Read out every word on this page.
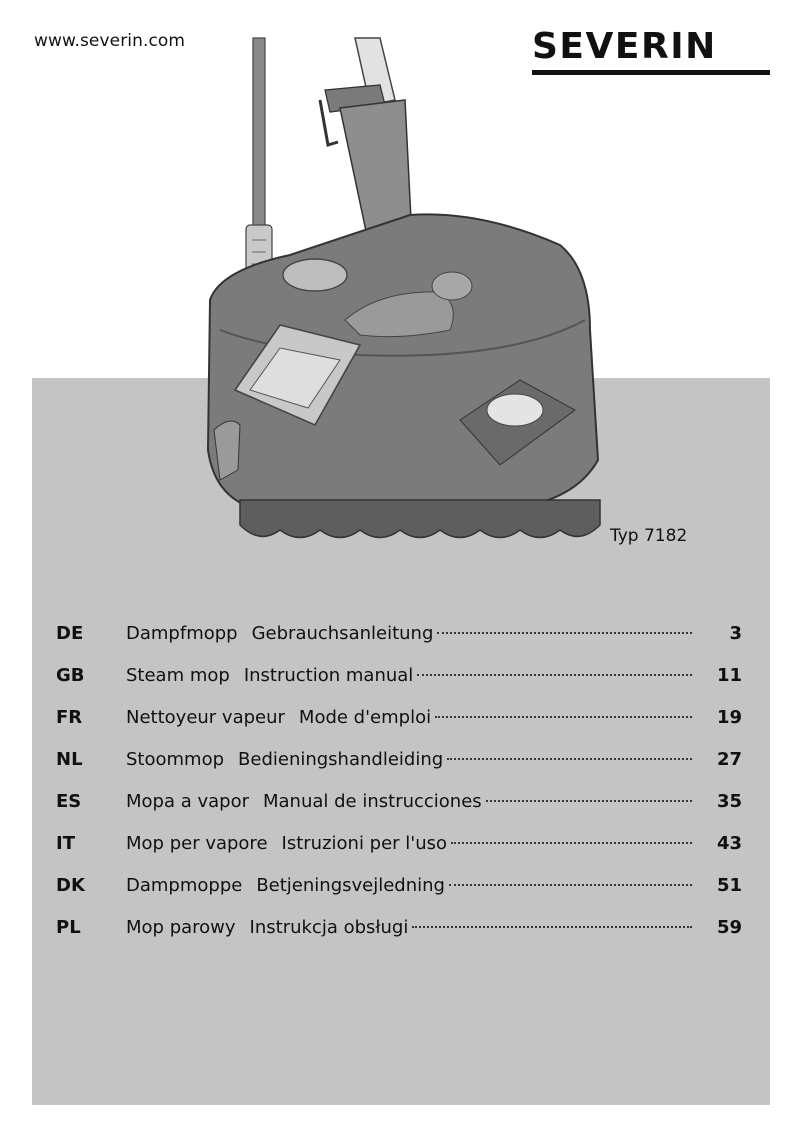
www.severin.com	SEVERIN
Typ 7182
DE Dampfmopp Gebrauchsanleitung	3
GB Steam mop Instruction manual	11
FR Nettoyeur vapeur Mode d'emploi	19
NL Stoommop Bedieningshandleiding	27
ES Mopa a vapor Manual de instrucciones	35
IT	Mop per vapore Istruzioni per l'uso	43
DK Dampmoppe Betjeningsvejledning	51
PL	Mop parowy Instrukcja obsługi	59
